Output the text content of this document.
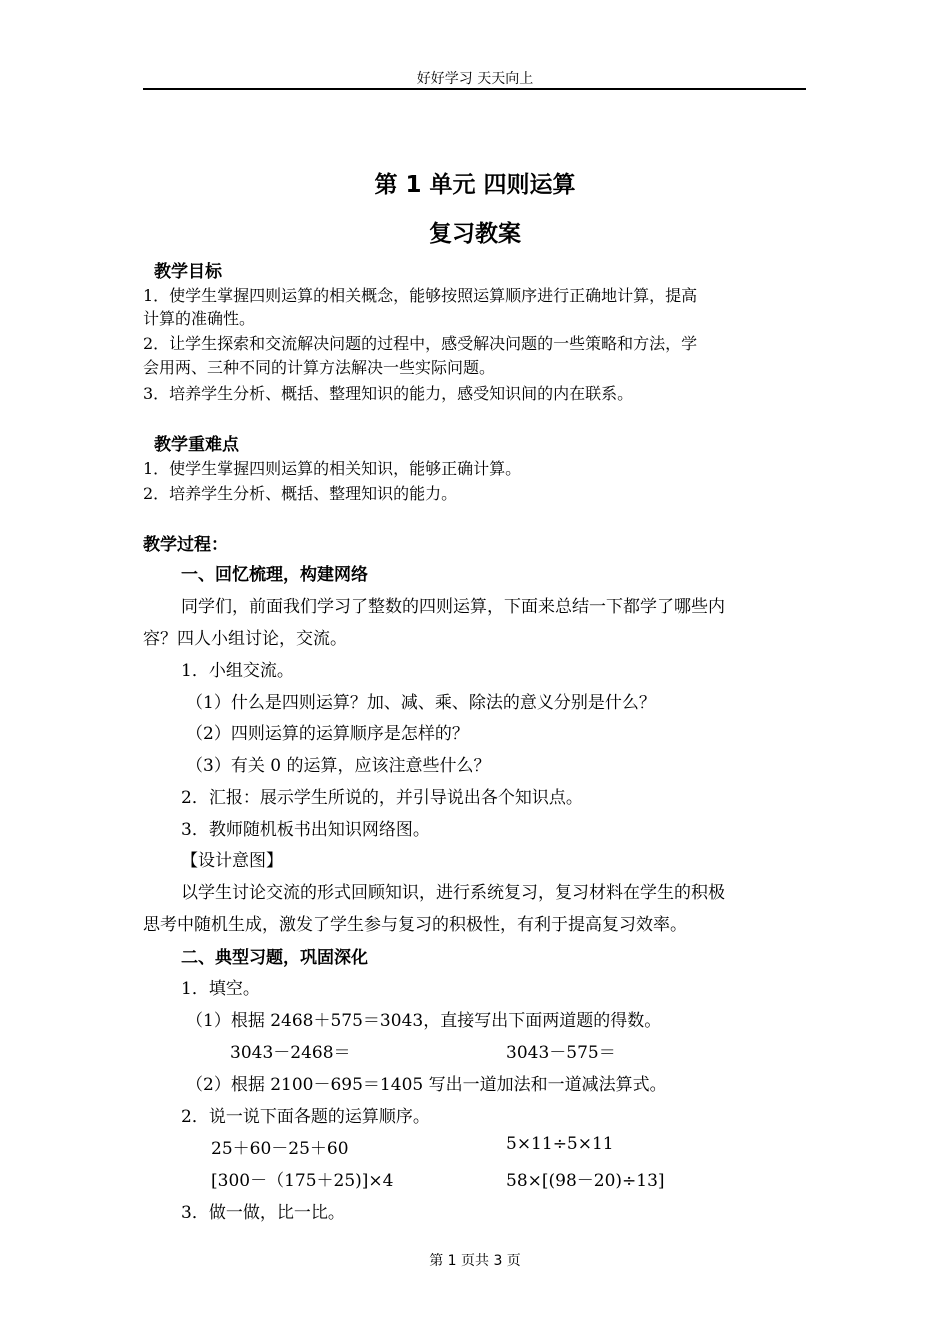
好好学习 天天向上
第 1 单元 四则运算
复习教案
教学目标
1．使学生掌握四则运算的相关概念，能够按照运算顺序进行正确地计算，提高
计算的准确性。
2．让学生探索和交流解决问题的过程中，感受解决问题的一些策略和方法，学
会用两、三种不同的计算方法解决一些实际问题。
3．培养学生分析、概括、整理知识的能力，感受知识间的内在联系。
教学重难点
1．使学生掌握四则运算的相关知识，能够正确计算。
2．培养学生分析、概括、整理知识的能力。
教学过程：
一、回忆梳理，构建网络
同学们，前面我们学习了整数的四则运算，下面来总结一下都学了哪些内
容？四人小组讨论，交流。
1．小组交流。
（1）什么是四则运算？加、减、乘、除法的意义分别是什么？
（2）四则运算的运算顺序是怎样的？
（3）有关 0 的运算，应该注意些什么？
2．汇报：展示学生所说的，并引导说出各个知识点。
3．教师随机板书出知识网络图。
【设计意图】
以学生讨论交流的形式回顾知识，进行系统复习，复习材料在学生的积极
思考中随机生成，激发了学生参与复习的积极性，有利于提高复习效率。
二、典型习题，巩固深化
1．填空。
（1）根据 2468＋575＝3043，直接写出下面两道题的得数。
3043－2468＝	3043－575＝
（2）根据 2100－695＝1405 写出一道加法和一道减法算式。
2．说一说下面各题的运算顺序。
25＋60－25＋60	5×11÷5×11
[300－（175＋25)]×4	58×[(98－20)÷13]
3．做一做，比一比。
第 1 页共 3 页
